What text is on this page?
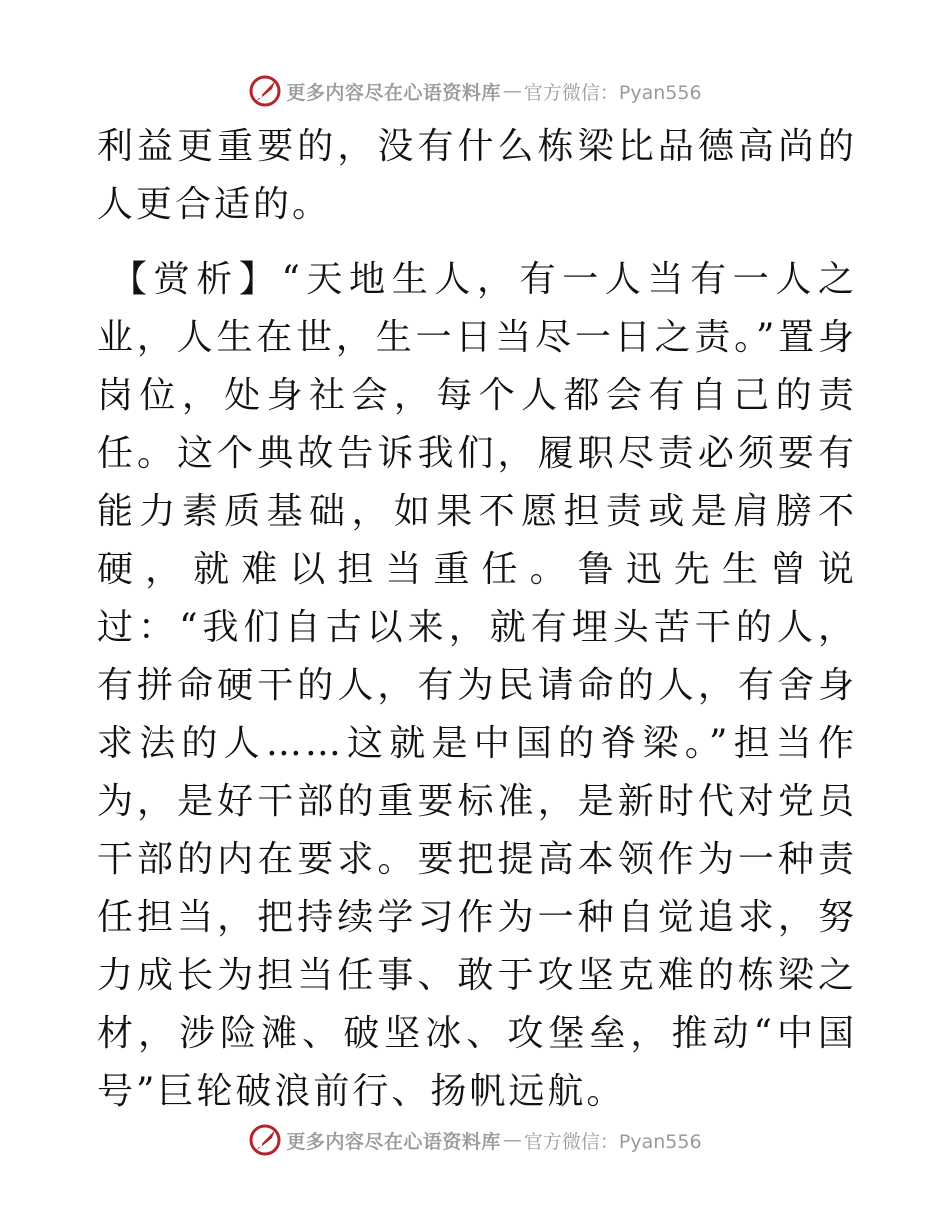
更多内容尽在心语资料库 — 官方微信：Pyan556

利益更重要的，没有什么栋梁比品德高尚的人更合适的。

【赏析】“天地生人，有一人当有一人之业，人生在世，生一日当尽一日之责。”置身岗位，处身社会，每个人都会有自己的责任。这个典故告诉我们，履职尽责必须要有能力素质基础，如果不愿担责或是肩膀不硬，就难以担当重任。鲁迅先生曾说过：“我们自古以来，就有埋头苦干的人，有拼命硬干的人，有为民请命的人，有舍身求法的人……这就是中国的脊梁。”担当作为，是好干部的重要标准，是新时代对党员干部的内在要求。要把提高本领作为一种责任担当，把持续学习作为一种自觉追求，努力成长为担当任事、敢于攻坚克难的栋梁之材，涉险滩、破坚冰、攻堡垒，推动“中国号”巨轮破浪前行、扬帆远航。

更多内容尽在心语资料库 — 官方微信：Pyan556
